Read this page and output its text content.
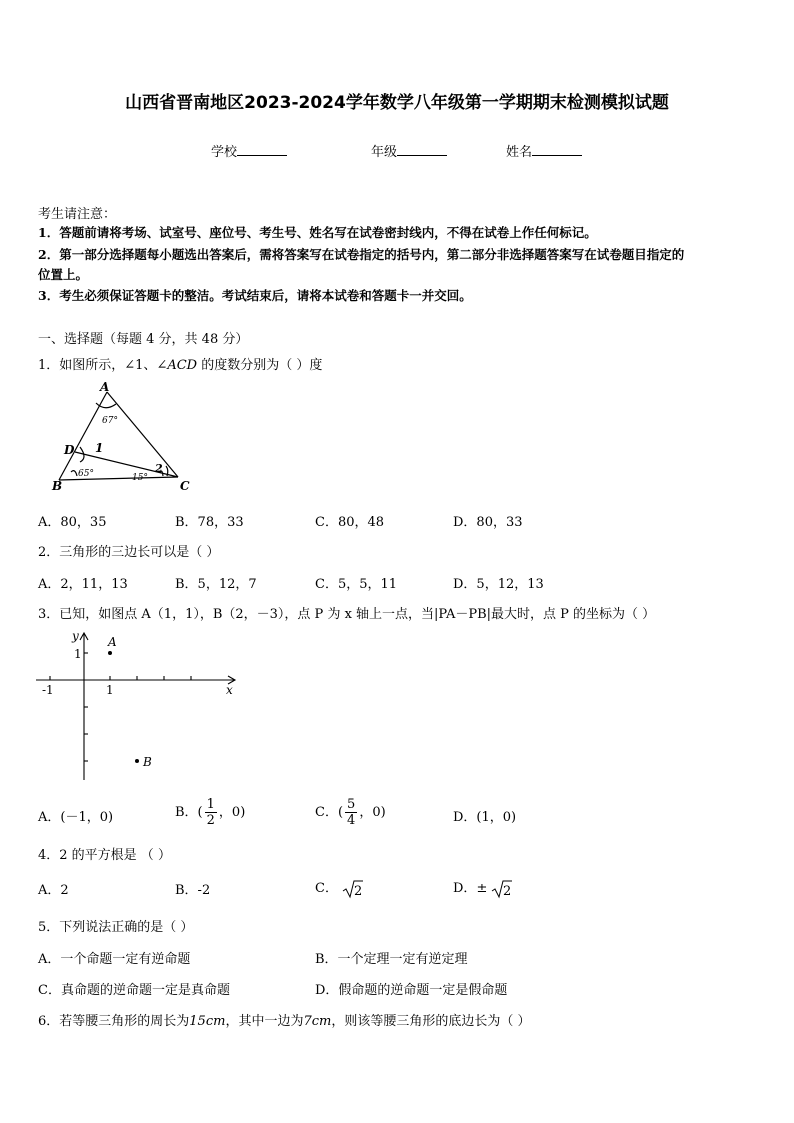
山西省晋南地区2023-2024学年数学八年级第一学期期末检测模拟试题
学校	年级	姓名
考生请注意：
1．答题前请将考场、试室号、座位号、考生号、姓名写在试卷密封线内，不得在试卷上作任何标记。
2．第一部分选择题每小题选出答案后，需将答案写在试卷指定的括号内，第二部分非选择题答案写在试卷题目指定的
位置上。
3．考生必须保证答题卡的整洁。考试结束后，请将本试卷和答题卡一并交回。
一、选择题（每题 4 分，共 48 分）
1．如图所示，∠1、∠ACD 的度数分别为（ ）度
A
D
B	C
1
2
67°
65°	15°
A．80，35	B．78，33	C．80，48	D．80，33
2．三角形的三边长可以是（ ）
A．2，11，13	B．5，12，7	C．5，5，11	D．5，12，13
3．已知，如图点 A（1，1），B（2，－3），点 P 为 x 轴上一点，当|PA－PB|最大时，点 P 的坐标为（ ）
y
x
A
B
1
-1	1
A．(－1，0)	B．( $\frac{1}{2}$ ，0)	C．( $\frac{5}{4}$ ，0)	D．(1，0)
4．2 的平方根是 （ ）
A．2	B．-2	C． 2	D．± 2
5．下列说法正确的是（ ）
A．一个命题一定有逆命题	B．一个定理一定有逆定理
C．真命题的逆命题一定是真命题	D．假命题的逆命题一定是假命题
6．若等腰三角形的周长为15cm，其中一边为7cm，则该等腰三角形的底边长为（ ）
